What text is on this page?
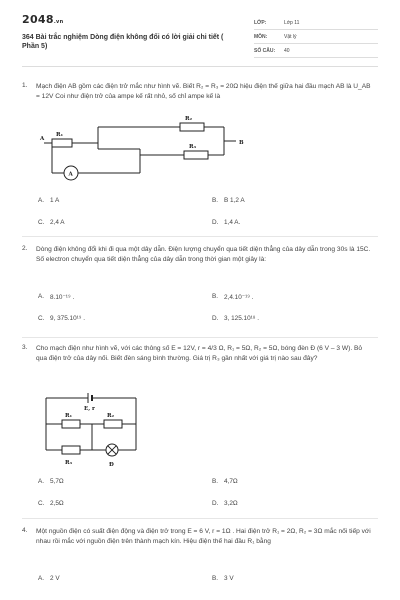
2048.vn
364 Bài trắc nghiệm Dòng điện không đổi có lời giải chi tiết ( Phần 5)
LỚP:	Lớp 11
MÔN:	Vật lý
SỐ CÂU:	40
1. Mạch điện AB gồm các điện trở mắc như hình vẽ. Biết R₂ = R₃ = 20Ω hiệu điện thế giữa hai đầu mạch AB là U_AB = 12V Coi như điện trở của ampe kế rất nhỏ, số chỉ ampe kế là
A
R₁
R₂
R₃
B
A
A. 1 A	B. B 1,2 A
C. 2,4 A	D. 1,4 A.
2. Dòng điện không đổi khi đi qua một dây dẫn. Điện lượng chuyển qua tiết diện thẳng của dây dẫn trong 30s là 15C. Số electron chuyển qua tiết diện thẳng của dây dẫn trong thời gian một giây là:
A. 8.10⁻¹⁹ .	B. 2,4.10⁻¹⁹ .
C. 9, 375.10¹⁹ .	D. 3, 125.10¹⁸ .
3. Cho mạch điện như hình vẽ, với các thông số E = 12V, r = 4/3 Ω, R₁ = 5Ω, R₂ = 5Ω, bóng đèn Đ (6 V – 3 W). Bỏ qua điện trở của dây nối. Biết đèn sáng bình thường. Giá trị R₃ gần nhất với giá trị nào sau đây?
E, r
R₁	R₂
R₃	Đ
A. 5,7Ω	B. 4,7Ω
C. 2,5Ω	D. 3,2Ω
4. Một nguồn điện có suất điện động và điện trở trong E = 6 V, r = 1Ω . Hai điện trở R₁ = 2Ω, R₂ = 3Ω mắc nối tiếp với nhau rồi mắc với nguồn điện trên thành mạch kín. Hiệu điện thế hai đầu R₁ bằng
A. 2 V	B. 3 V
